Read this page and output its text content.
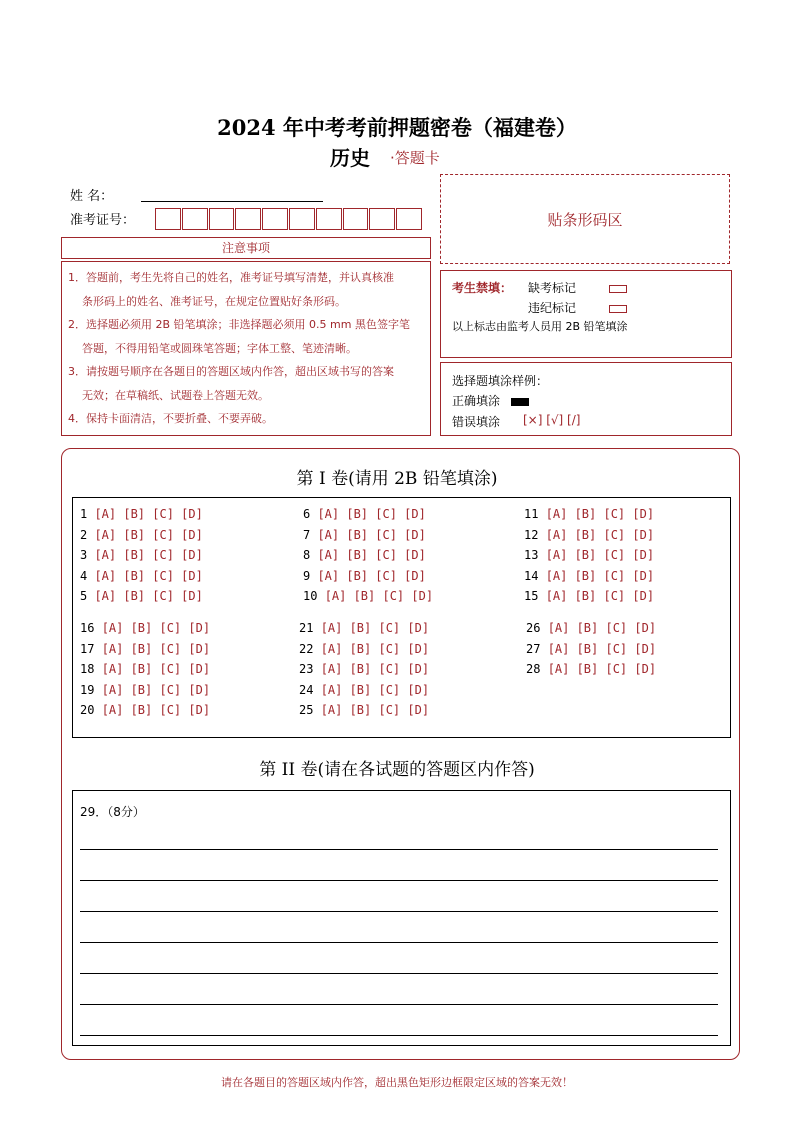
2024 年中考考前押题密卷（福建卷）
历史 ·答题卡
姓 名：
准考证号：	贴条形码区
注意事项

1．答题前，考生先将自己的姓名，准考证号填写清楚，并认真核准

条形码上的姓名、准考证号，在规定位置贴好条形码。

2．选择题必须用 2B 铅笔填涂；非选择题必须用 0.5 mm 黑色签字笔

答题，不得用铅笔或圆珠笔答题；字体工整、笔迹清晰。

3．请按题号顺序在各题目的答题区域内作答，超出区域书写的答案

无效；在草稿纸、试题卷上答题无效。

4．保持卡面清洁，不要折叠、不要弄破。

考生禁填： 缺考标记
违纪标记
以上标志由监考人员用 2B 铅笔填涂
选择题填涂样例：
正确填涂
错误填涂 [×] [√] [/]
第 I 卷(请用 2B 铅笔填涂)
1 [A] [B] [C] [D]
2 [A] [B] [C] [D]
3 [A] [B] [C] [D]
4 [A] [B] [C] [D]
5 [A] [B] [C] [D]
6 [A] [B] [C] [D]
7 [A] [B] [C] [D]
8 [A] [B] [C] [D]
9 [A] [B] [C] [D]
10 [A] [B] [C] [D]
11 [A] [B] [C] [D]
12 [A] [B] [C] [D]
13 [A] [B] [C] [D]
14 [A] [B] [C] [D]
15 [A] [B] [C] [D]
16 [A] [B] [C] [D]
17 [A] [B] [C] [D]
18 [A] [B] [C] [D]
19 [A] [B] [C] [D]
20 [A] [B] [C] [D]
21 [A] [B] [C] [D]
22 [A] [B] [C] [D]
23 [A] [B] [C] [D]
24 [A] [B] [C] [D]
25 [A] [B] [C] [D]
26 [A] [B] [C] [D]
27 [A] [B] [C] [D]
28 [A] [B] [C] [D]
第 II 卷(请在各试题的答题区内作答)
29．（8分）
请在各题目的答题区域内作答，超出黑色矩形边框限定区域的答案无效！
